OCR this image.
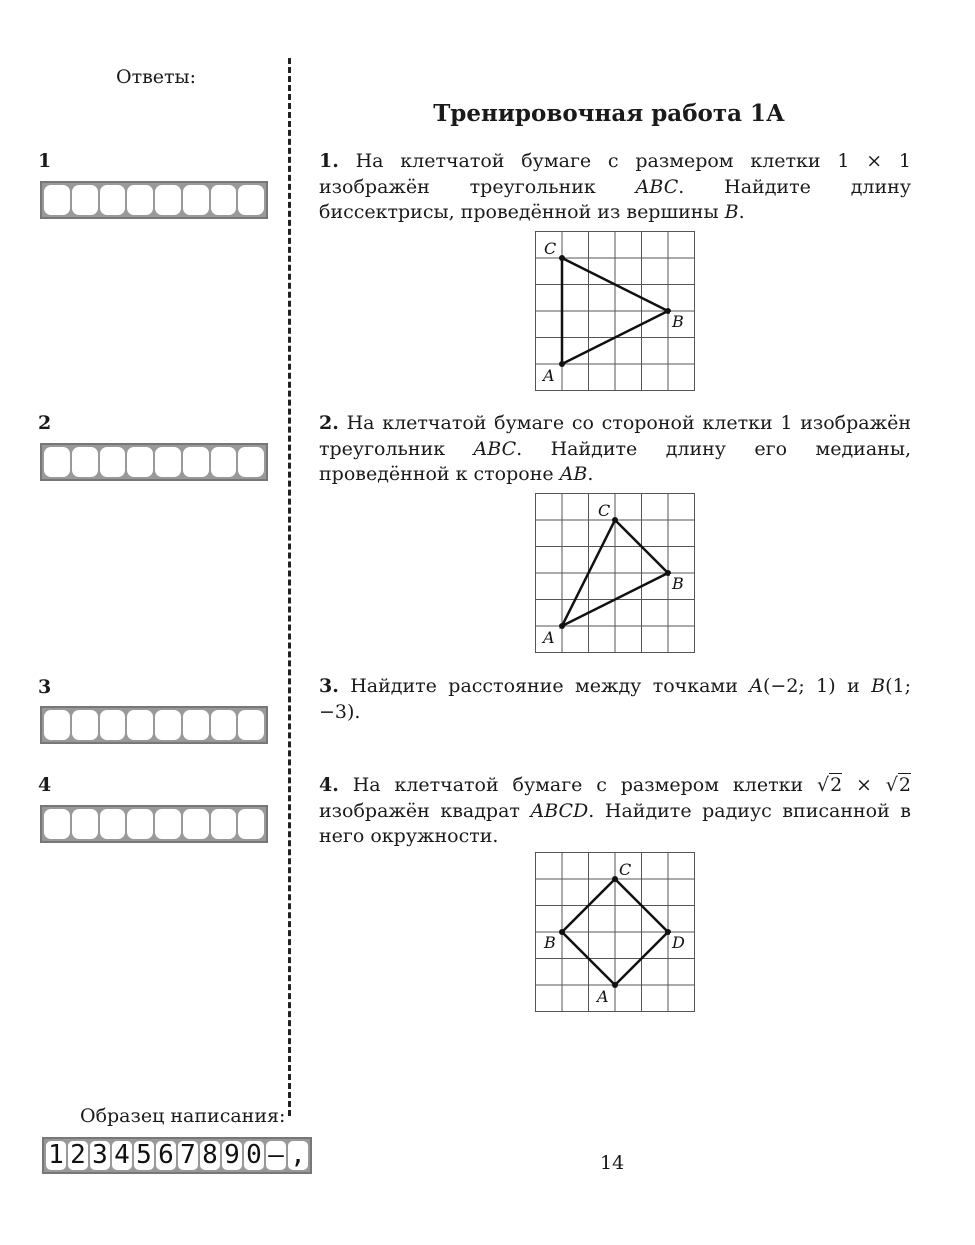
Ответы:
1
2
3
4
Образец написания:
1 2 3 4 5 6 7 8 9 0 – ,
Тренировочная работа 1А
1. На клетчатой бумаге с размером клетки 1 × 1 изображён треугольник ABC. Найдите длину биссектрисы, проведённой из вершины B.
C
B
A
2. На клетчатой бумаге со стороной клетки 1 изображён треугольник ABC. Найдите длину его медианы, проведённой к стороне AB.
C
B
A
3. Найдите расстояние между точками A(−2; 1) и B(1; −3).
4. На клетчатой бумаге с размером клетки √2 × √2 изображён квадрат ABCD. Найдите радиус вписанной в него окружности.
C
D
A
B
14
